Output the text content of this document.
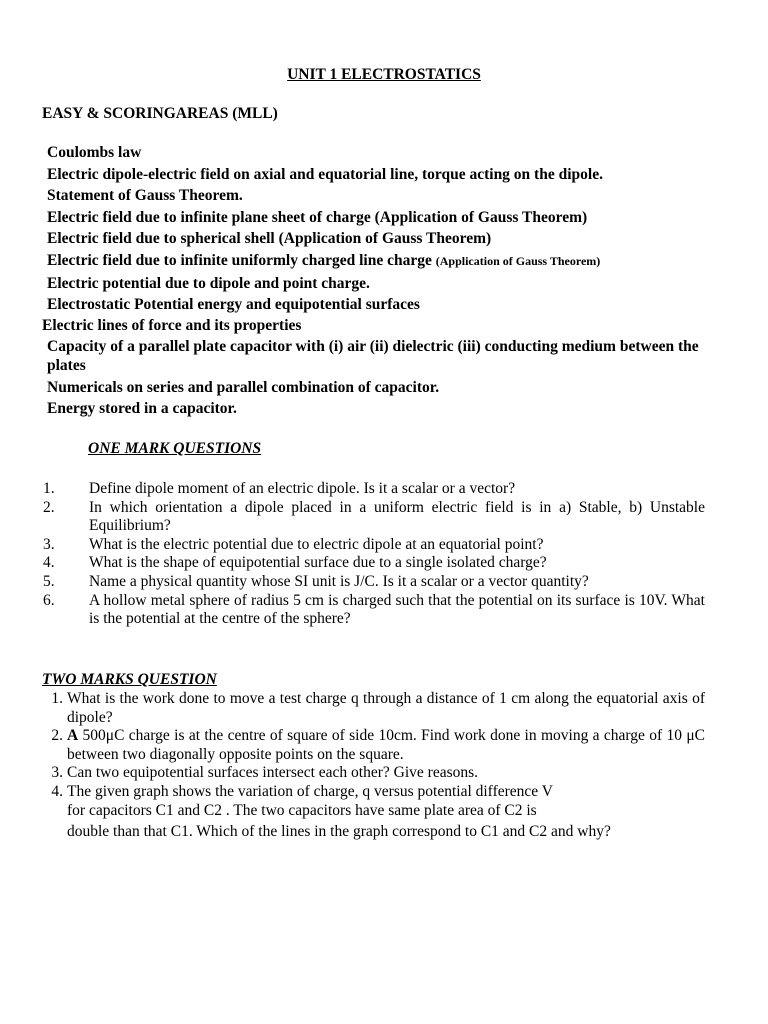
UNIT 1 ELECTROSTATICS
EASY & SCORINGAREAS (MLL)
Coulombs law
Electric dipole-electric field on axial and equatorial line, torque acting on the dipole.
Statement of Gauss Theorem.
Electric field due to infinite plane sheet of charge (Application of Gauss Theorem)
Electric field due to spherical shell (Application of Gauss Theorem)
Electric field due to infinite uniformly charged line charge (Application of Gauss Theorem)
Electric potential due to dipole and point charge.
Electrostatic Potential energy and equipotential surfaces
Electric lines of force and its properties
Capacity of a parallel plate capacitor with (i) air (ii) dielectric (iii) conducting medium between the plates
Numericals on series and parallel combination of capacitor.
Energy stored in a capacitor.
ONE MARK QUESTIONS
1.	Define dipole moment of an electric dipole. Is it a scalar or a vector?
2.	In which orientation a dipole placed in a uniform electric field is in a) Stable, b) Unstable Equilibrium?
3.	What is the electric potential due to electric dipole at an equatorial point?
4.	What is the shape of equipotential surface due to a single isolated charge?
5.	Name a physical quantity whose SI unit is J/C. Is it a scalar or a vector quantity?
6.	A hollow metal sphere of radius 5 cm is charged such that the potential on its surface is 10V. What is the potential at the centre of the sphere?
TWO MARKS QUESTION
1. What is the work done to move a test charge q through a distance of 1 cm along the equatorial axis of dipole?
2. A 500μC charge is at the centre of square of side 10cm. Find work done in moving a charge of 10 μC between two diagonally opposite points on the square.
3. Can two equipotential surfaces intersect each other? Give reasons.
4. The given graph shows the variation of charge, q versus potential difference V
for capacitors C1 and C2 . The two capacitors have same plate area of C2 is
double than that C1. Which of the lines in the graph correspond to C1 and C2 and why?
